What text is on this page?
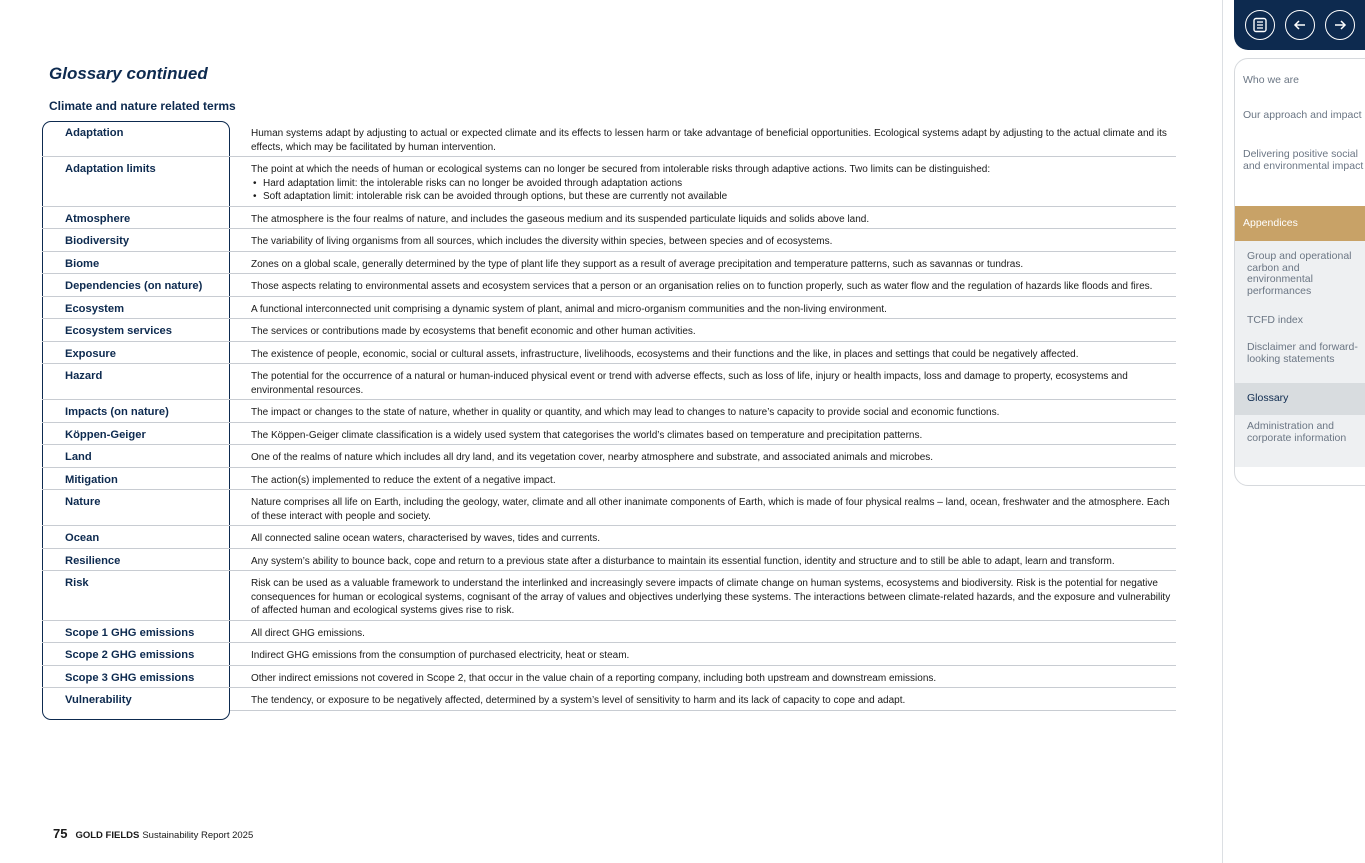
Glossary continued
Climate and nature related terms
Adaptation	Human systems adapt by adjusting to actual or expected climate and its effects to lessen harm or take advantage of beneficial opportunities. Ecological systems adapt by adjusting to the actual climate and its effects, which may be facilitated by human intervention.
Adaptation limits	The point at which the needs of human or ecological systems can no longer be secured from intolerable risks through adaptive actions. Two limits can be distinguished:
• Hard adaptation limit: the intolerable risks can no longer be avoided through adaptation actions
• Soft adaptation limit: intolerable risk can be avoided through options, but these are currently not available
Atmosphere	The atmosphere is the four realms of nature, and includes the gaseous medium and its suspended particulate liquids and solids above land.
Biodiversity	The variability of living organisms from all sources, which includes the diversity within species, between species and of ecosystems.
Biome	Zones on a global scale, generally determined by the type of plant life they support as a result of average precipitation and temperature patterns, such as savannas or tundras.
Dependencies (on nature)	Those aspects relating to environmental assets and ecosystem services that a person or an organisation relies on to function properly, such as water flow and the regulation of hazards like floods and fires.
Ecosystem	A functional interconnected unit comprising a dynamic system of plant, animal and micro-organism communities and the non-living environment.
Ecosystem services	The services or contributions made by ecosystems that benefit economic and other human activities.
Exposure	The existence of people, economic, social or cultural assets, infrastructure, livelihoods, ecosystems and their functions and the like, in places and settings that could be negatively affected.
Hazard	The potential for the occurrence of a natural or human-induced physical event or trend with adverse effects, such as loss of life, injury or health impacts, loss and damage to property, ecosystems and environmental resources.
Impacts (on nature)	The impact or changes to the state of nature, whether in quality or quantity, and which may lead to changes to nature’s capacity to provide social and economic functions.
Köppen-Geiger	The Köppen-Geiger climate classification is a widely used system that categorises the world’s climates based on temperature and precipitation patterns.
Land	One of the realms of nature which includes all dry land, and its vegetation cover, nearby atmosphere and substrate, and associated animals and microbes.
Mitigation	The action(s) implemented to reduce the extent of a negative impact.
Nature	Nature comprises all life on Earth, including the geology, water, climate and all other inanimate components of Earth, which is made of four physical realms – land, ocean, freshwater and the atmosphere. Each of these interact with people and society.
Ocean	All connected saline ocean waters, characterised by waves, tides and currents.
Resilience	Any system’s ability to bounce back, cope and return to a previous state after a disturbance to maintain its essential function, identity and structure and to still be able to adapt, learn and transform.
Risk	Risk can be used as a valuable framework to understand the interlinked and increasingly severe impacts of climate change on human systems, ecosystems and biodiversity. Risk is the potential for negative consequences for human or ecological systems, cognisant of the array of values and objectives underlying these systems. The interactions between climate-related hazards, and the exposure and vulnerability of affected human and ecological systems gives rise to risk.
Scope 1 GHG emissions	All direct GHG emissions.
Scope 2 GHG emissions	Indirect GHG emissions from the consumption of purchased electricity, heat or steam.
Scope 3 GHG emissions	Other indirect emissions not covered in Scope 2, that occur in the value chain of a reporting company, including both upstream and downstream emissions.
Vulnerability	The tendency, or exposure to be negatively affected, determined by a system’s level of sensitivity to harm and its lack of capacity to cope and adapt.
75 GOLD FIELDS Sustainability Report 2025
Who we are
Our approach and impact
Delivering positive social and environmental impact
Appendices
Group and operational carbon and environmental performances
TCFD index
Disclaimer and forward-looking statements
Glossary
Administration and corporate information
